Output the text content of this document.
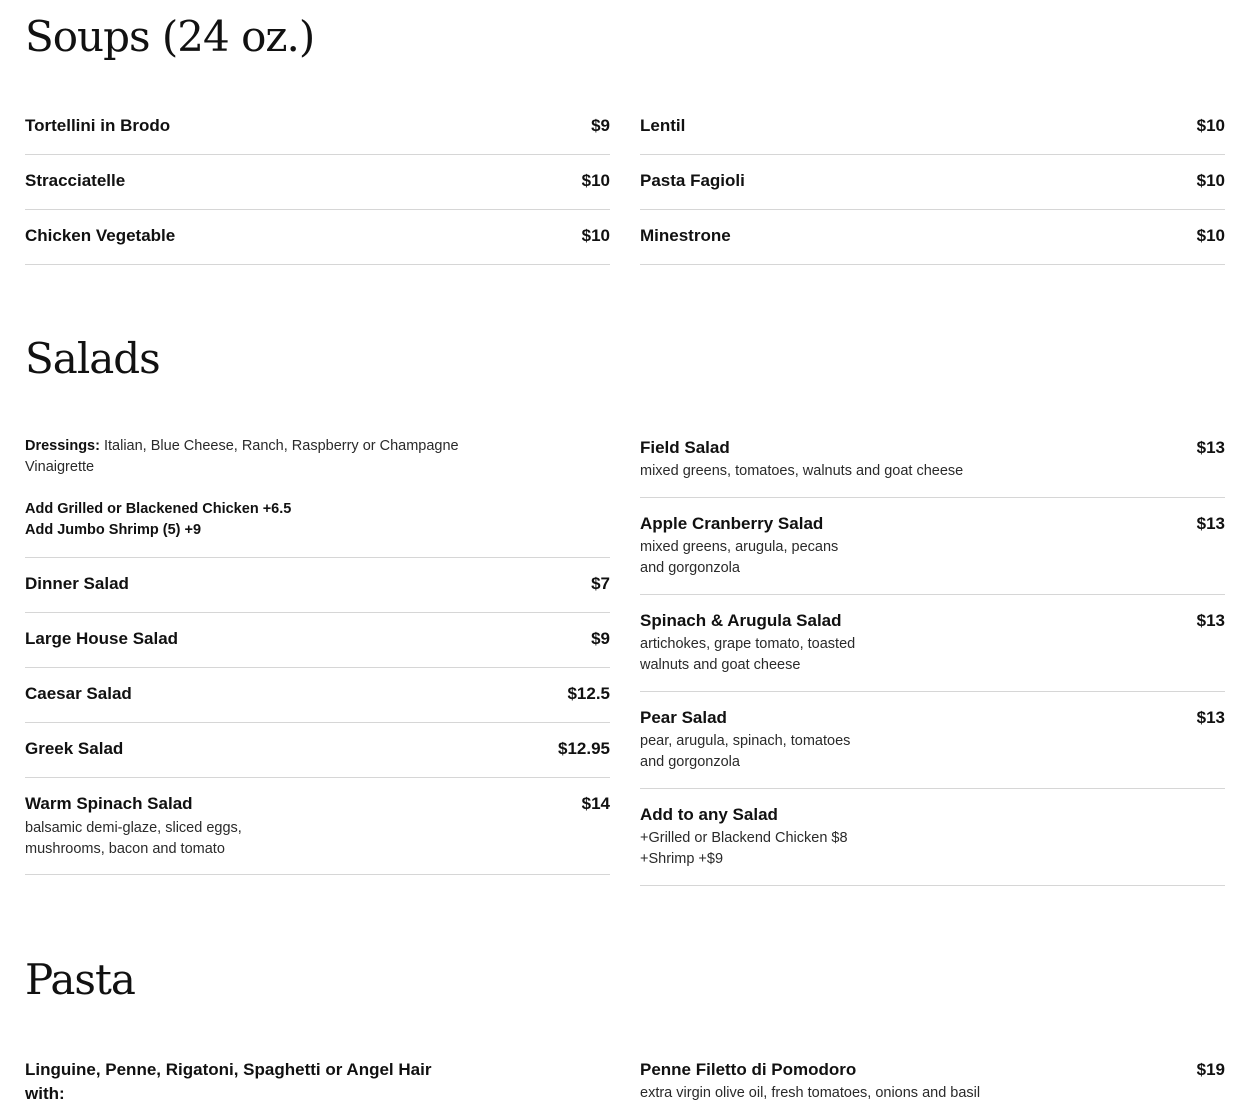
Soups (24 oz.)
Tortellini in Brodo	$9
Stracciatelle	$10
Chicken Vegetable	$10
Lentil	$10
Pasta Fagioli	$10
Minestrone	$10
Salads
Dressings: Italian, Blue Cheese, Ranch, Raspberry or Champagne Vinaigrette
Add Grilled or Blackened Chicken +6.5
Add Jumbo Shrimp (5) +9
Dinner Salad	$7
Large House Salad	$9
Caesar Salad	$12.5
Greek Salad	$12.95
Warm Spinach Salad	$14
balsamic demi-glaze, sliced eggs,
mushrooms, bacon and tomato
Field Salad	$13
mixed greens, tomatoes, walnuts and goat cheese
Apple Cranberry Salad	$13
mixed greens, arugula, pecans
and gorgonzola
Spinach & Arugula Salad	$13
artichokes, grape tomato, toasted
walnuts and goat cheese
Pear Salad	$13
pear, arugula, spinach, tomatoes
and gorgonzola
Add to any Salad
+Grilled or Blackend Chicken $8
+Shrimp +$9
Pasta
Linguine, Penne, Rigatoni, Spaghetti or Angel Hair
with:
Penne Filetto di Pomodoro	$19
extra virgin olive oil, fresh tomatoes, onions and basil
